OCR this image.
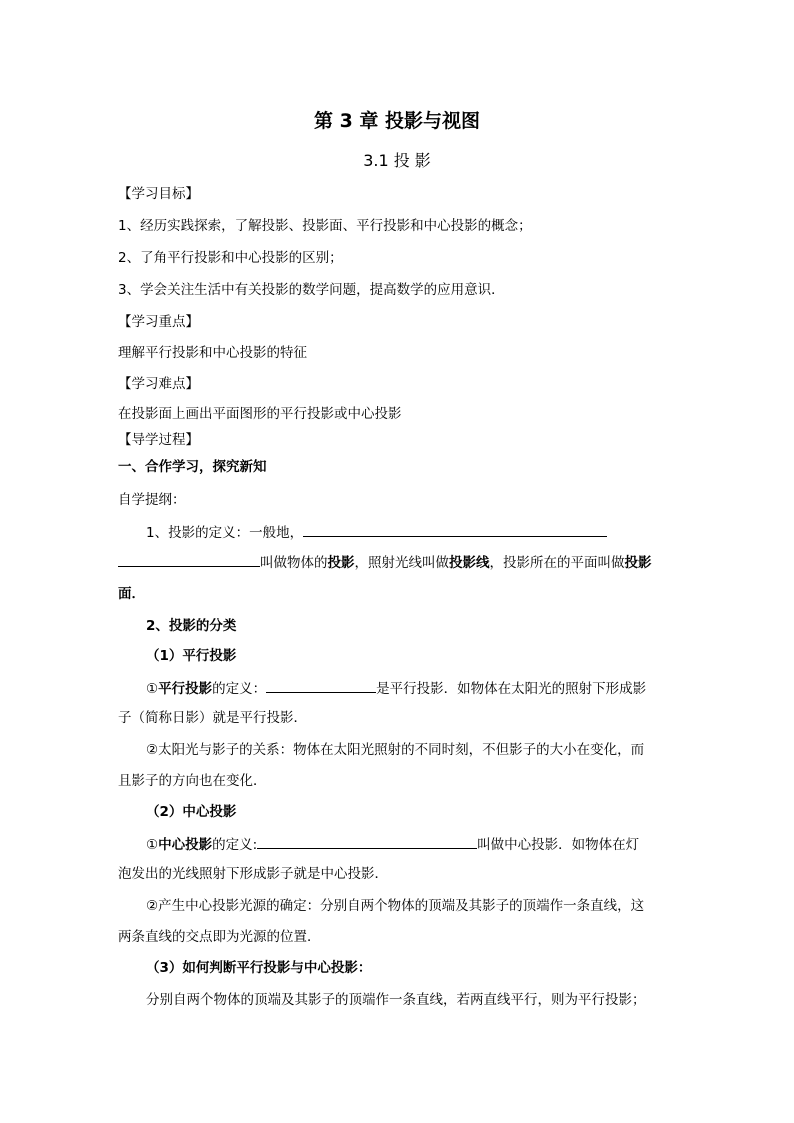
第 3 章 投影与视图
3.1 投 影
【学习目标】
1、经历实践探索，了解投影、投影面、平行投影和中心投影的概念；
2、了角平行投影和中心投影的区别；
3、学会关注生活中有关投影的数学问题，提高数学的应用意识．
【学习重点】
理解平行投影和中心投影的特征
【学习难点】
在投影面上画出平面图形的平行投影或中心投影
【导学过程】
一、合作学习，探究新知
自学提纲：
1、投影的定义：一般地，
叫做物体的投影，照射光线叫做投影线，投影所在的平面叫做投影
面．
2、投影的分类
（1）平行投影
①平行投影的定义：	是平行投影．如物体在太阳光的照射下形成影
子（简称日影）就是平行投影．
②太阳光与影子的关系：物体在太阳光照射的不同时刻，不但影子的大小在变化，而
且影子的方向也在变化．
（2）中心投影
①中心投影的定义:	叫做中心投影．如物体在灯
泡发出的光线照射下形成影子就是中心投影．
②产生中心投影光源的确定：分别自两个物体的顶端及其影子的顶端作一条直线，这
两条直线的交点即为光源的位置．
（3）如何判断平行投影与中心投影：
分别自两个物体的顶端及其影子的顶端作一条直线，若两直线平行，则为平行投影；
